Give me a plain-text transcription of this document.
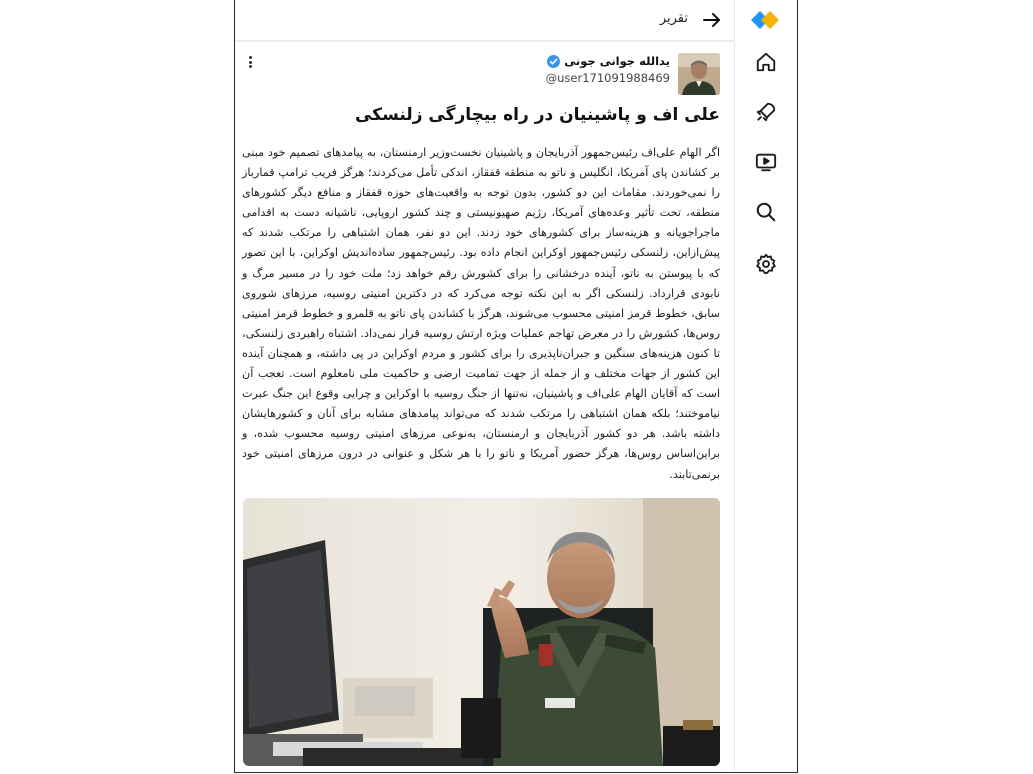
تقریر
یدالله جوانی جونی
@user171091988469
علی اف و پاشینیان در راه بیچارگی زلنسکی

اگر الهام علی‌اف رئیس‌جمهور آذربایجان و پاشینیان نخست‌وزیر ارمنستان، به پیامدهای تصمیم خود مبنی بر کشاندن پای آمریکا، انگلیس و ناتو به منطقه قفقاز، اندکی تأمل می‌کردند؛ هرگز فریب ترامپ قمارباز را نمی‌خوردند. مقامات این دو کشور، بدون توجه به واقعیت‌های حوزه قفقاز و منافع دیگر کشورهای منطقه، تحت تأثیر وعده‌های آمریکا، رژیم صهیونیستی و چند کشور اروپایی، ناشیانه دست به اقدامی ماجراجویانه و هزینه‌ساز برای کشورهای خود زدند. این دو نفر، همان اشتباهی را مرتکب شدند که پیش‌ازاین، زلنسکی رئیس‌جمهور اوکراین انجام داده بود. رئیس‌جمهور ساده‌اندیش اوکراین، با این تصور که با پیوستن به ناتو، آینده درخشانی را برای کشورش رقم خواهد زد؛ ملت خود را در مسیر مرگ و نابودی قرارداد. زلنسکی اگر به این نکته توجه می‌کرد که در دکترین امنیتی روسیه، مرزهای شوروی سابق، خطوط قرمز امنیتی محسوب می‌شوند، هرگز با کشاندن پای ناتو به قلمرو و خطوط قرمز امنیتی روس‌ها، کشورش را در معرض تهاجم عملیات ویژه ارتش روسیه قرار نمی‌داد. اشتباه راهبردی زلنسکی، تا کنون هزینه‌های سنگین و جبران‌ناپذیری را برای کشور و مردم اوکراین در پی داشته، و همچنان آینده این کشور از جهات مختلف و از جمله از جهت تمامیت ارضی و حاکمیت ملی نامعلوم است. تعجب آن است که آقایان الهام علی‌اف و پاشینیان، نه‌تنها از جنگ روسیه با اوکراین و چرایی وقوع این جنگ عبرت نیاموختند؛ بلکه همان اشتباهی را مرتکب شدند که می‌تواند پیامدهای مشابه برای آنان و کشورهایشان داشته باشد. هر دو کشور آذربایجان و ارمنستان، به‌نوعی مرزهای امنیتی روسیه محسوب شده، و براین‌اساس روس‌ها، هرگز حضور آمریکا و ناتو را با هر شکل و عنوانی در درون مرزهای امنیتی خود برنمی‌تابند.
